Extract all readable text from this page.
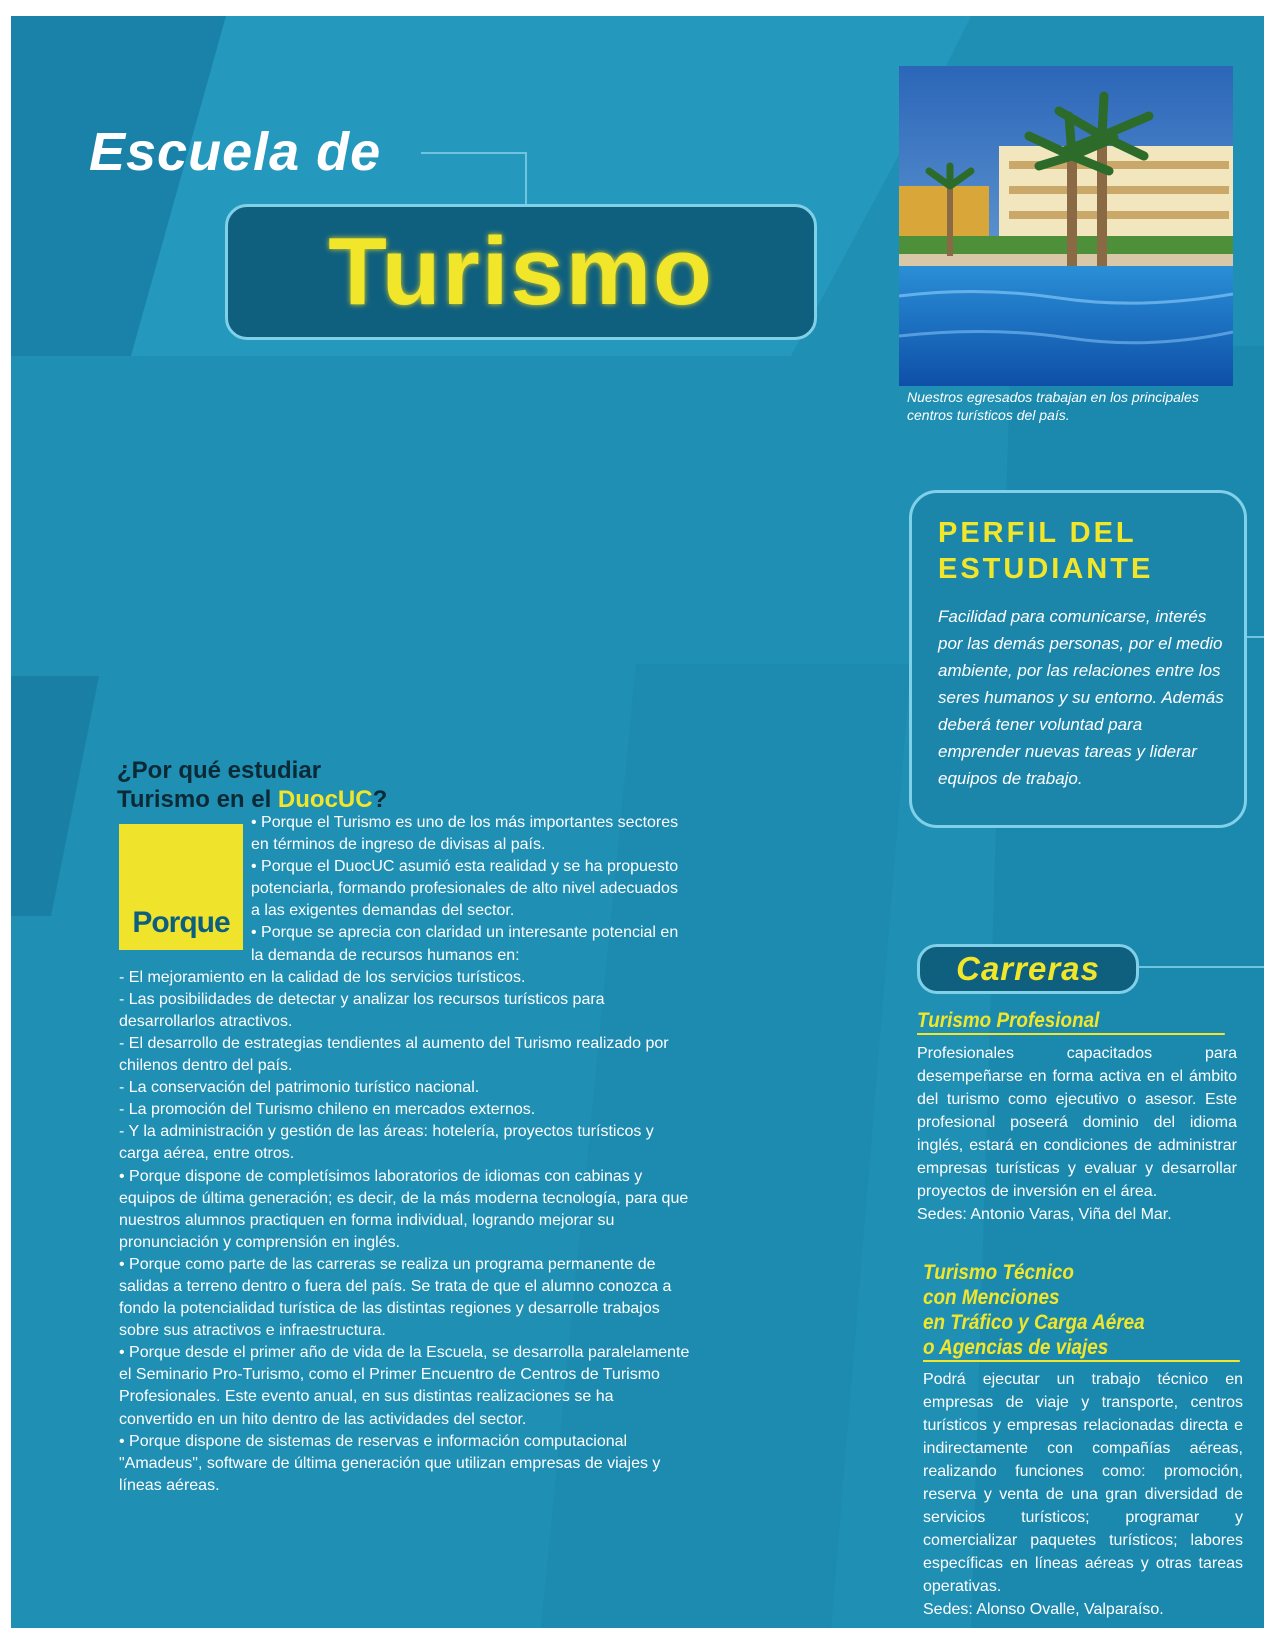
Escuela de
Turismo
Nuestros egresados trabajan en los principales centros turísticos del país.
PERFIL DEL
ESTUDIANTE
Facilidad para comunicarse, interés por las demás personas, por el medio ambiente, por las relaciones entre los seres humanos y su entorno. Además deberá tener voluntad para emprender nuevas tareas y liderar equipos de trabajo.
¿Por qué estudiar
Turismo en el DuocUC?
Porque

• Porque el Turismo es uno de los más importantes sectores en términos de ingreso de divisas al país.

• Porque el DuocUC asumió esta realidad y se ha propuesto potenciarla, formando profesionales de alto nivel adecuados a las exigentes demandas del sector.

• Porque se aprecia con claridad un interesante potencial en la demanda de recursos humanos en:

- El mejoramiento en la calidad de los servicios turísticos.

- Las posibilidades de detectar y analizar los recursos turísticos para desarrollarlos atractivos.

- El desarrollo de estrategias tendientes al aumento del Turismo realizado por chilenos dentro del país.

- La conservación del patrimonio turístico nacional.

- La promoción del Turismo chileno en mercados externos.

- Y la administración y gestión de las áreas: hotelería, proyectos turísticos y carga aérea, entre otros.

• Porque dispone de completísimos laboratorios de idiomas con cabinas y equipos de última generación; es decir, de la más moderna tecnología, para que nuestros alumnos practiquen en forma individual, logrando mejorar su pronunciación y comprensión en inglés.

• Porque como parte de las carreras se realiza un programa permanente de salidas a terreno dentro o fuera del país. Se trata de que el alumno conozca a fondo la potencialidad turística de las distintas regiones y desarrolle trabajos sobre sus atractivos e infraestructura.

• Porque desde el primer año de vida de la Escuela, se desarrolla paralelamente el Seminario Pro-Turismo, como el Primer Encuentro de Centros de Turismo Profesionales. Este evento anual, en sus distintas realizaciones se ha convertido en un hito dentro de las actividades del sector.

• Porque dispone de sistemas de reservas e información computacional "Amadeus", software de última generación que utilizan empresas de viajes y líneas aéreas.

Carreras
Turismo Profesional
Profesionales capacitados para desempeñarse en forma activa en el ámbito del turismo como ejecutivo o asesor. Este profesional poseerá dominio del idioma inglés, estará en condiciones de administrar empresas turísticas y evaluar y desarrollar proyectos de inversión en el área.
Sedes: Antonio Varas, Viña del Mar.
Turismo Técnico
con Menciones
en Tráfico y Carga Aérea
o Agencias de viajes
Podrá ejecutar un trabajo técnico en empresas de viaje y transporte, centros turísticos y empresas relacionadas directa e indirectamente con compañías aéreas, realizando funciones como: promoción, reserva y venta de una gran diversidad de servicios turísticos; programar y comercializar paquetes turísticos; labores específicas en líneas aéreas y otras tareas operativas.
Sedes: Alonso Ovalle, Valparaíso.
